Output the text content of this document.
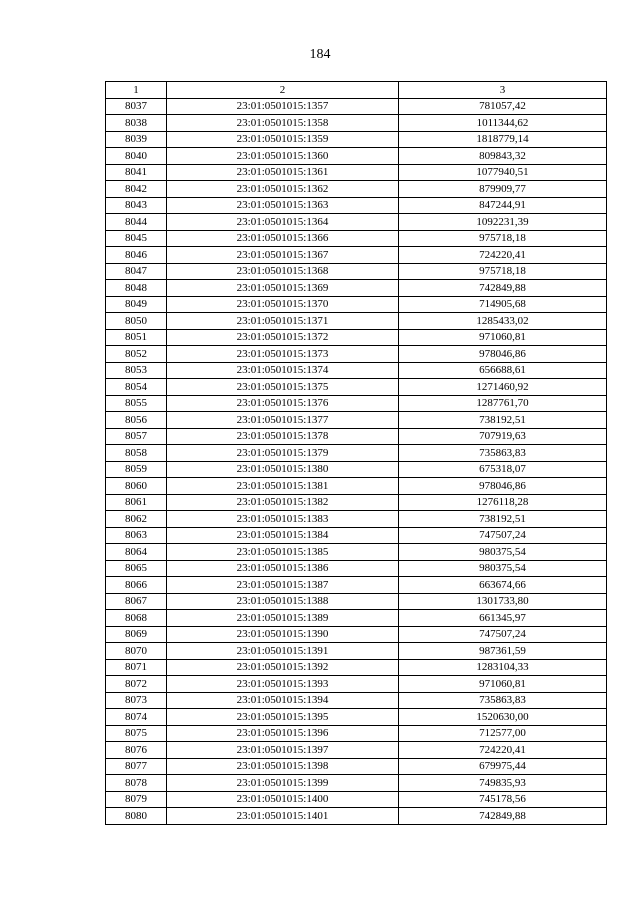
184
1	2	3
8037	23:01:0501015:1357	781057,42
8038	23:01:0501015:1358	1011344,62
8039	23:01:0501015:1359	1818779,14
8040	23:01:0501015:1360	809843,32
8041	23:01:0501015:1361	1077940,51
8042	23:01:0501015:1362	879909,77
8043	23:01:0501015:1363	847244,91
8044	23:01:0501015:1364	1092231,39
8045	23:01:0501015:1366	975718,18
8046	23:01:0501015:1367	724220,41
8047	23:01:0501015:1368	975718,18
8048	23:01:0501015:1369	742849,88
8049	23:01:0501015:1370	714905,68
8050	23:01:0501015:1371	1285433,02
8051	23:01:0501015:1372	971060,81
8052	23:01:0501015:1373	978046,86
8053	23:01:0501015:1374	656688,61
8054	23:01:0501015:1375	1271460,92
8055	23:01:0501015:1376	1287761,70
8056	23:01:0501015:1377	738192,51
8057	23:01:0501015:1378	707919,63
8058	23:01:0501015:1379	735863,83
8059	23:01:0501015:1380	675318,07
8060	23:01:0501015:1381	978046,86
8061	23:01:0501015:1382	1276118,28
8062	23:01:0501015:1383	738192,51
8063	23:01:0501015:1384	747507,24
8064	23:01:0501015:1385	980375,54
8065	23:01:0501015:1386	980375,54
8066	23:01:0501015:1387	663674,66
8067	23:01:0501015:1388	1301733,80
8068	23:01:0501015:1389	661345,97
8069	23:01:0501015:1390	747507,24
8070	23:01:0501015:1391	987361,59
8071	23:01:0501015:1392	1283104,33
8072	23:01:0501015:1393	971060,81
8073	23:01:0501015:1394	735863,83
8074	23:01:0501015:1395	1520630,00
8075	23:01:0501015:1396	712577,00
8076	23:01:0501015:1397	724220,41
8077	23:01:0501015:1398	679975,44
8078	23:01:0501015:1399	749835,93
8079	23:01:0501015:1400	745178,56
8080	23:01:0501015:1401	742849,88
